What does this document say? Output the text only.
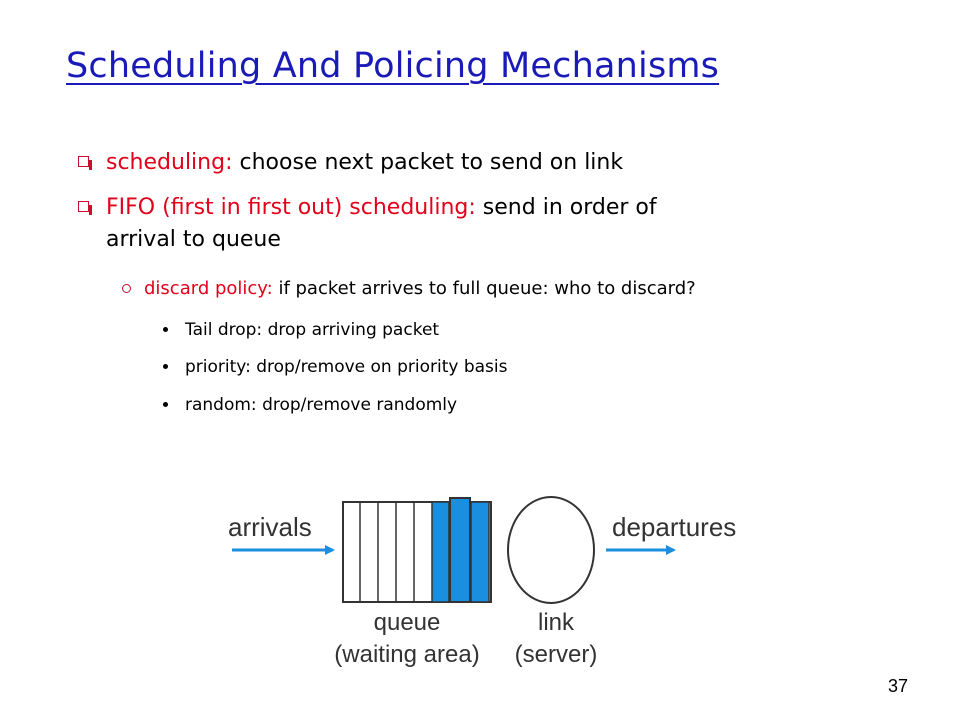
Scheduling And Policing Mechanisms
scheduling: choose next packet to send on link
FIFO (first in first out) scheduling: send in order of
arrival to queue
discard policy: if packet arrives to full queue: who to discard?
Tail drop: drop arriving packet
priority: drop/remove on priority basis
random: drop/remove randomly
arrivals	departures
queue
(waiting area)
link
(server)
37
